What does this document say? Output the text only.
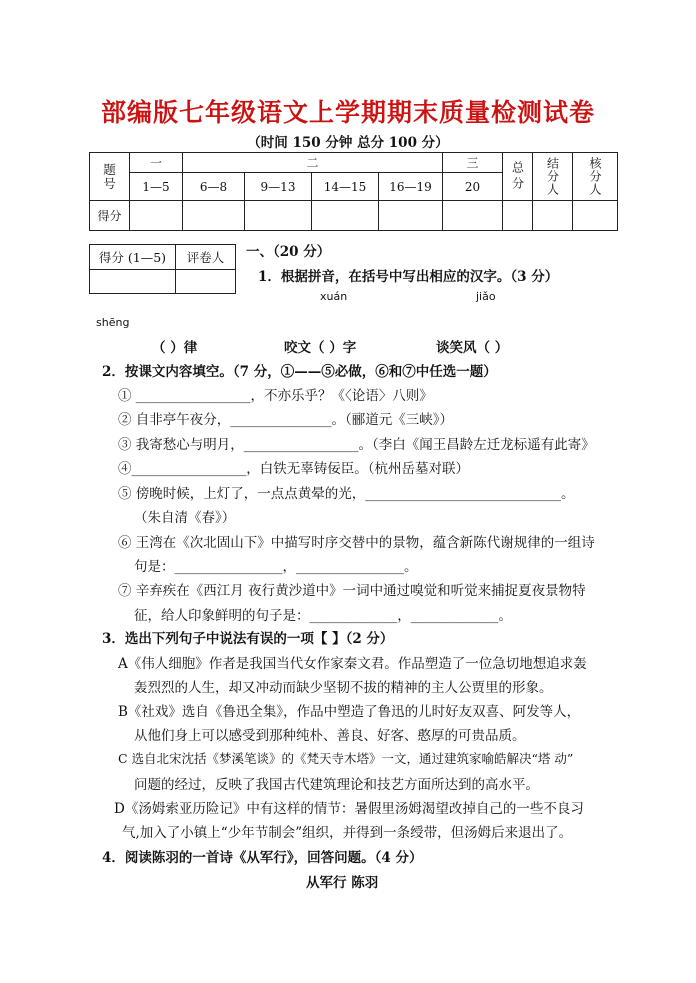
部编版七年级语文上学期期末质量检测试卷
（时间 150 分钟 总分 100 分）
题
号	一	二				三	总分	结分人	核分人
	1—5	6—8	9—13	14—15	16—19	20			
得分									
得分 (1—5)	评卷人
	一、（20 分）
1．根据拼音，在括号中写出相应的汉字。（3 分）
xuán	jiǎo
shēng
（ ）律	咬文（ ）字	谈笑风（ ）
2．按课文内容填空。（7 分，①——⑤必做，⑥和⑦中任选一题）
① _________________，不亦乐乎？《〈论语〉八则》
② 自非亭午夜分，_______________。（郦道元《三峡》）
③ 我寄愁心与明月，_________________。（李白《闻王昌龄左迁龙标遥有此寄》
④_________________，白铁无辜铸佞臣。（杭州岳墓对联）
⑤ 傍晚时候，上灯了，一点点黄晕的光，_____________________________。
（朱自清《春》）
⑥ 王湾在《次北固山下》中描写时序交替中的景物，蕴含新陈代谢规律的一组诗
句是：________________，________________。
⑦ 辛弃疾在《西江月 夜行黄沙道中》一词中通过嗅觉和听觉来捕捉夏夜景物特
征，给人印象鲜明的句子是：_____________，_____________。
3．选出下列句子中说法有误的一项【 】（2 分）
A《伟人细胞》作者是我国当代女作家秦文君。作品塑造了一位急切地想追求轰
轰烈烈的人生，却又冲动而缺少坚韧不拔的精神的主人公贾里的形象。
B《社戏》选自《鲁迅全集》，作品中塑造了鲁迅的儿时好友双喜、阿发等人，
从他们身上可以感受到那种纯朴、善良、好客、憨厚的可贵品质。
C 选自北宋沈括《梦溪笔谈》的《梵天寺木塔》一文，通过建筑家喻皓解决“塔 动”
问题的经过，反映了我国古代建筑理论和技艺方面所达到的高水平。
D《汤姆索亚历险记》中有这样的情节：暑假里汤姆渴望改掉自己的一些不良习
气,加入了小镇上“少年节制会”组织，并得到一条绶带，但汤姆后来退出了。
4．阅读陈羽的一首诗《从军行》，回答问题。（4 分）
从军行 陈羽
